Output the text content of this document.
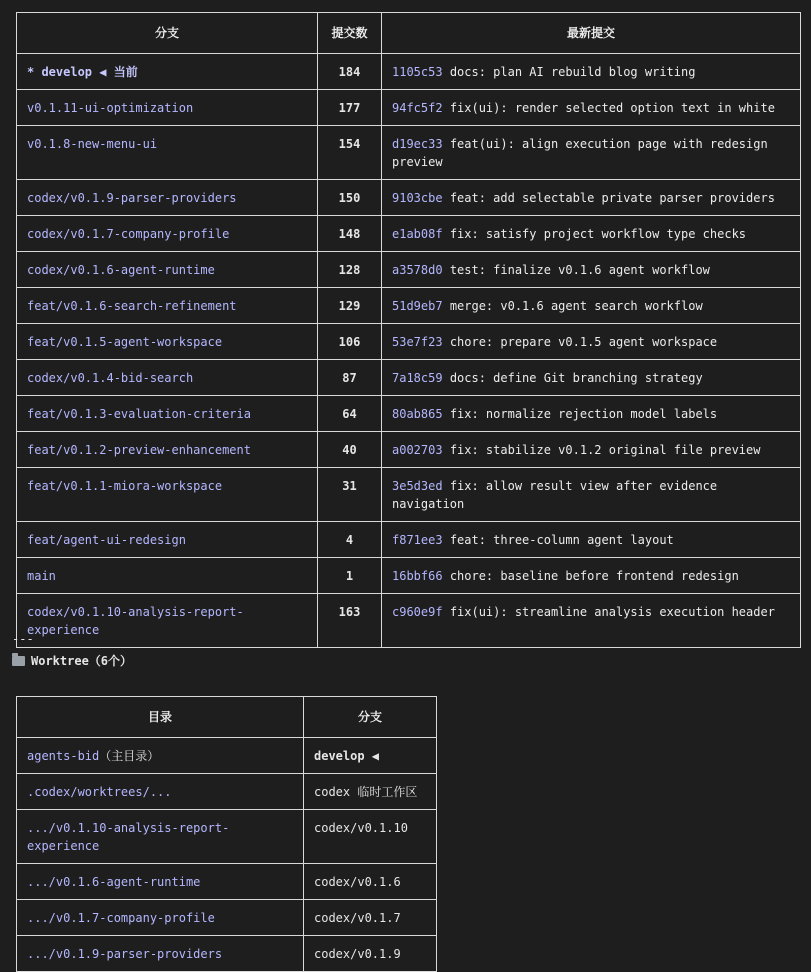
分支	提交数	最新提交
* develop ◀ 当前	184	1105c53 docs: plan AI rebuild blog writing
v0.1.11-ui-optimization	177	94fc5f2 fix(ui): render selected option text in white
v0.1.8-new-menu-ui	154	d19ec33 feat(ui): align execution page with redesign preview
codex/v0.1.9-parser-providers	150	9103cbe feat: add selectable private parser providers
codex/v0.1.7-company-profile	148	e1ab08f fix: satisfy project workflow type checks
codex/v0.1.6-agent-runtime	128	a3578d0 test: finalize v0.1.6 agent workflow
feat/v0.1.6-search-refinement	129	51d9eb7 merge: v0.1.6 agent search workflow
feat/v0.1.5-agent-workspace	106	53e7f23 chore: prepare v0.1.5 agent workspace
codex/v0.1.4-bid-search	87	7a18c59 docs: define Git branching strategy
feat/v0.1.3-evaluation-criteria	64	80ab865 fix: normalize rejection model labels
feat/v0.1.2-preview-enhancement	40	a002703 fix: stabilize v0.1.2 original file preview
feat/v0.1.1-miora-workspace	31	3e5d3ed fix: allow result view after evidence navigation
feat/agent-ui-redesign	4	f871ee3 feat: three-column agent layout
main	1	16bbf66 chore: baseline before frontend redesign
codex/v0.1.10-analysis-report-experience	163	c960e9f fix(ui): streamline analysis execution header
---
Worktree（6个）
目录	分支
agents-bid（主目录）	develop ◀
.codex/worktrees/...	codex 临时工作区
.../v0.1.10-analysis-report-experience	codex/v0.1.10
.../v0.1.6-agent-runtime	codex/v0.1.6
.../v0.1.7-company-profile	codex/v0.1.7
.../v0.1.9-parser-providers	codex/v0.1.9
